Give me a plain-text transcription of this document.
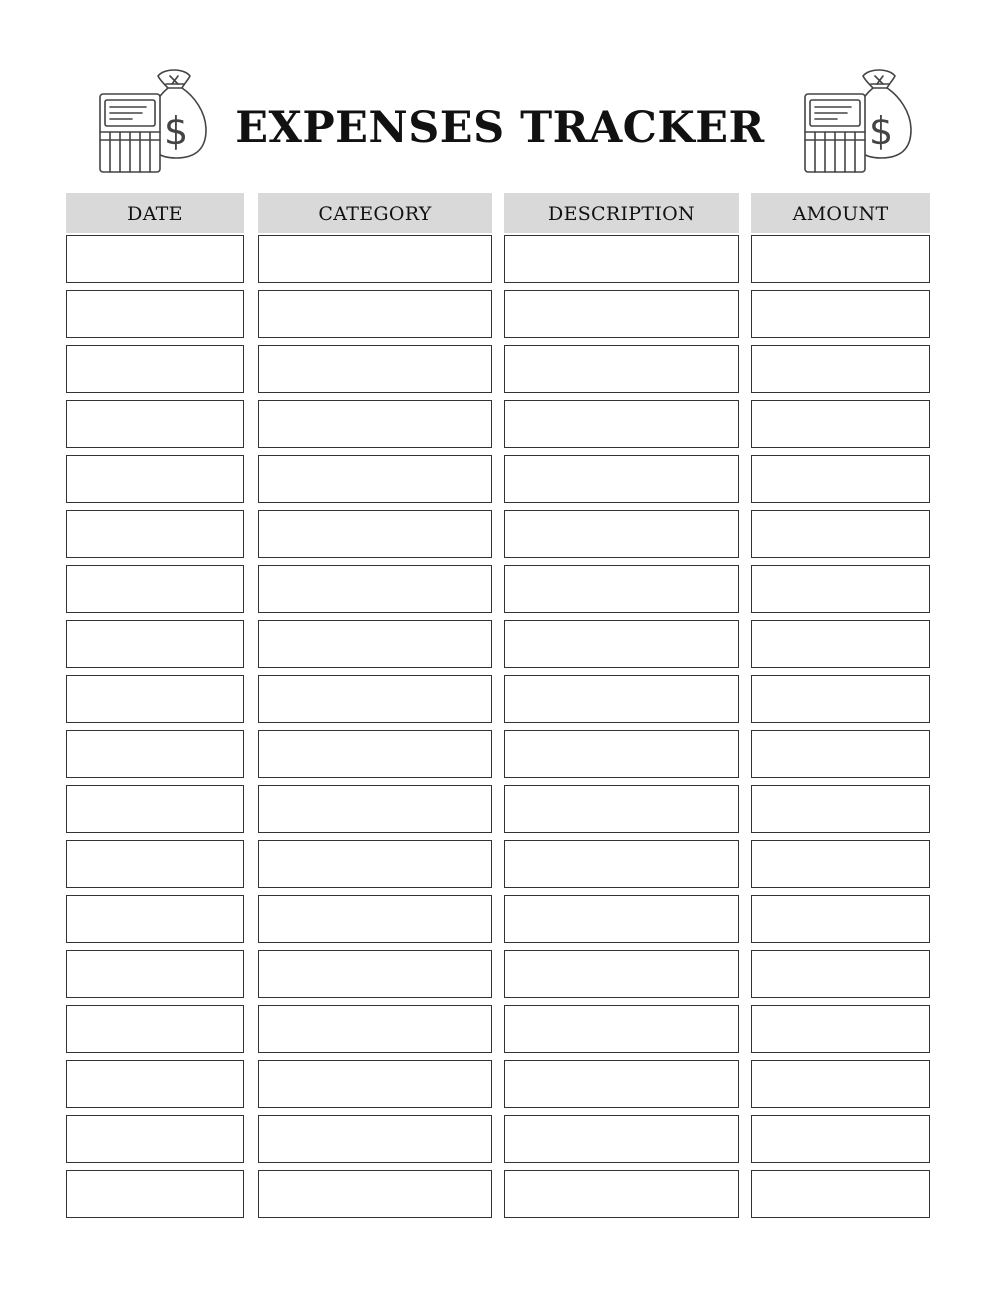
$	EXPENSES TRACKER	$
DATE	CATEGORY	DESCRIPTION	AMOUNT
